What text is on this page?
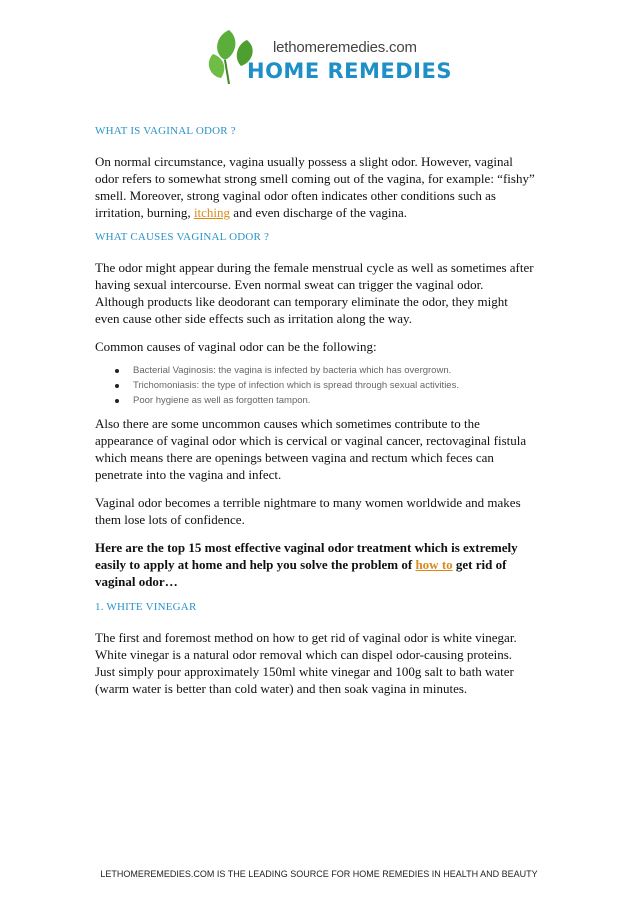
lethomeremedies.com
HOME REMEDIES
WHAT IS VAGINAL ODOR ?

On normal circumstance, vagina usually possess a slight odor. However, vaginal odor refers to somewhat strong smell coming out of the vagina, for example: “fishy” smell. Moreover, strong vaginal odor often indicates other conditions such as irritation, burning, itching and even discharge of the vagina.

WHAT CAUSES VAGINAL ODOR ?

The odor might appear during the female menstrual cycle as well as sometimes after having sexual intercourse. Even normal sweat can trigger the vaginal odor. Although products like deodorant can temporary eliminate the odor, they might even cause other side effects such as irritation along the way.

Common causes of vaginal odor can be the following:

Bacterial Vaginosis: the vagina is infected by bacteria which has overgrown.
Trichomoniasis: the type of infection which is spread through sexual activities.
Poor hygiene as well as forgotten tampon.

Also there are some uncommon causes which sometimes contribute to the appearance of vaginal odor which is cervical or vaginal cancer, rectovaginal fistula which means there are openings between vagina and rectum which feces can penetrate into the vagina and infect.

Vaginal odor becomes a terrible nightmare to many women worldwide and makes them lose lots of confidence.

Here are the top 15 most effective vaginal odor treatment which is extremely easily to apply at home and help you solve the problem of how to get rid of vaginal odor…

1. WHITE VINEGAR

The first and foremost method on how to get rid of vaginal odor is white vinegar. White vinegar is a natural odor removal which can dispel odor-causing proteins. Just simply pour approximately 150ml white vinegar and 100g salt to bath water (warm water is better than cold water) and then soak vagina in minutes.

LETHOMEREMEDIES.COM IS THE LEADING SOURCE FOR HOME REMEDIES IN HEALTH AND BEAUTY
